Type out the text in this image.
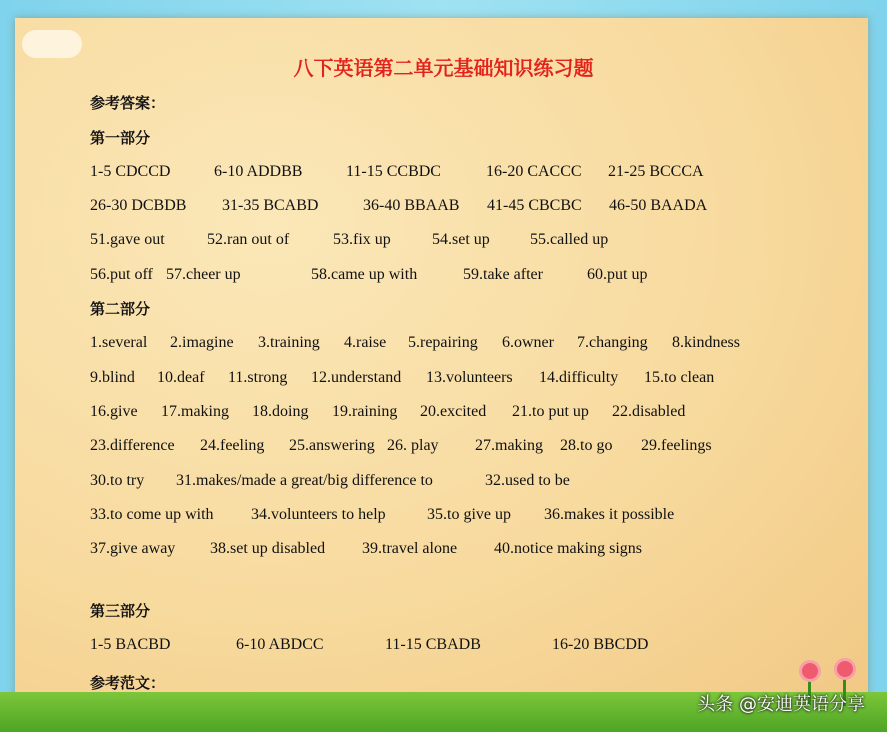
八下英语第二单元基础知识练习题
参考答案：
第一部分
第二部分
第三部分
参考范文：
1-5 CDCCD	6-10 ADDBB	11-15 CCBDC	16-20 CACCC 21-25 BCCCA
26-30 DCBDB 31-35 BCABD	36-40 BBAAB 41-45 CBCBC 46-50 BAADA
51.gave out	52.ran out of	53.fix up	54.set up	55.called up
56.put off 57.cheer up	58.came up with	59.take after	60.put up
1.several 2.imagine 3.training 4.raise 5.repairing 6.owner 7.changing 8.kindness
9.blind 10.deaf 11.strong 12.understand 13.volunteers 14.difficulty 15.to clean
16.give 17.making 18.doing 19.raining 20.excited 21.to put up 22.disabled
23.difference 24.feeling 25.answering 26. play 27.making 28.to go 29.feelings
30.to try 31.makes/made a great/big difference to	32.used to be
33.to come up with 34.volunteers to help	35.to give up 36.makes it possible
37.give away 38.set up disabled 39.travel alone 40.notice making signs
1-5 BACBD	6-10 ABDCC	11-15 CBADB	16-20 BBCDD
头条 @安迪英语分享
